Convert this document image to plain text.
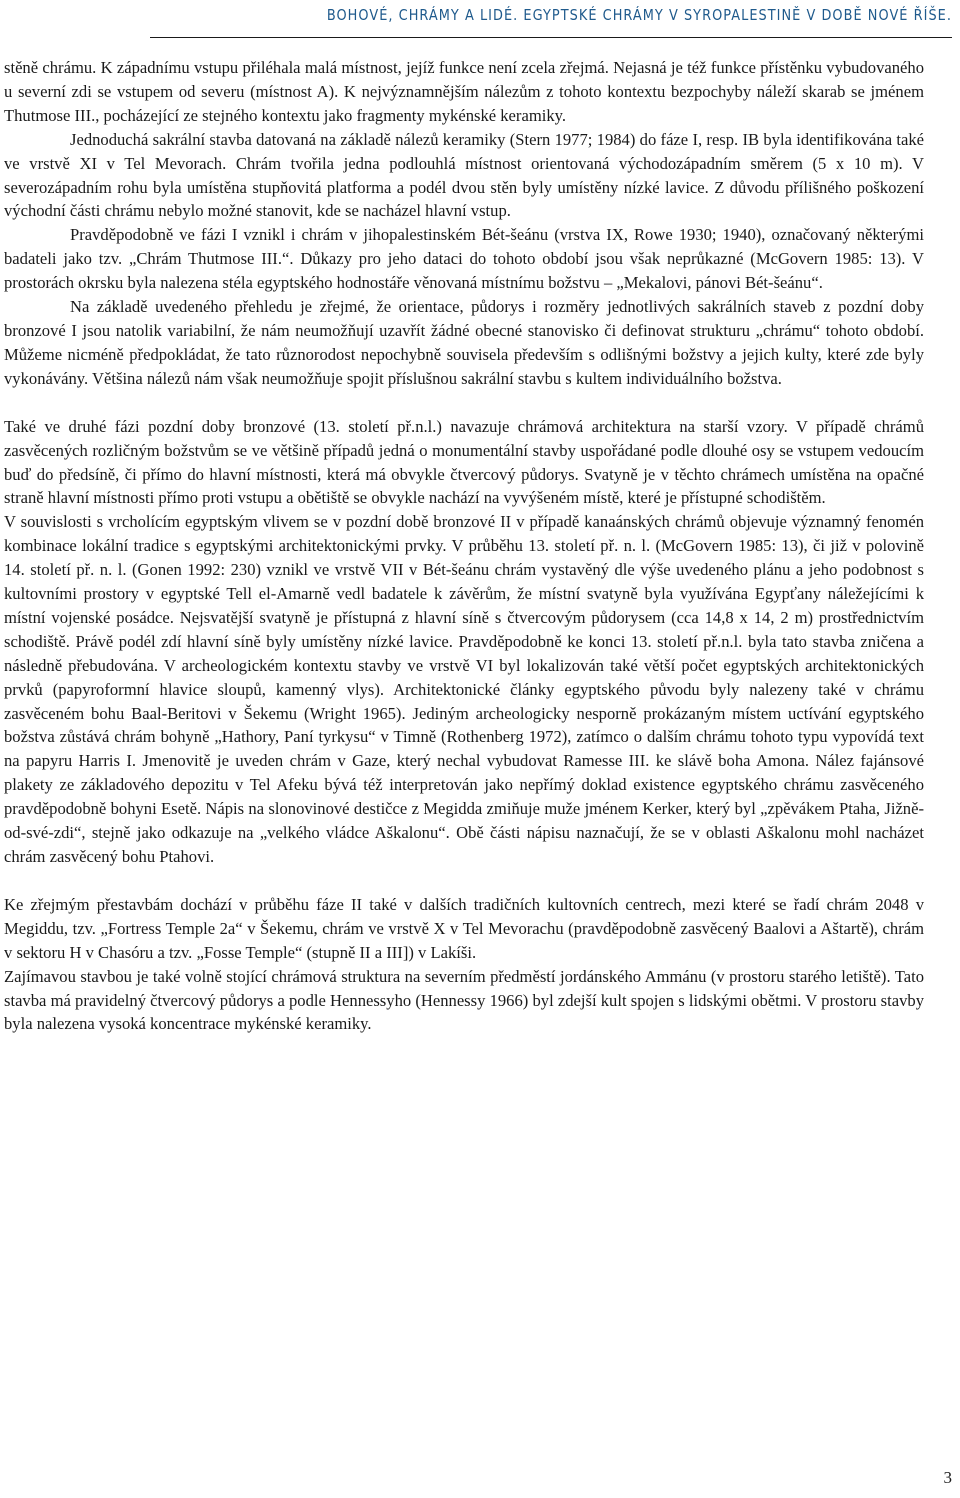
BOHOVÉ, CHRÁMY A LIDÉ. EGYPTSKÉ CHRÁMY V SYROPALESTINĚ V DOBĚ NOVÉ ŘÍŠE.

stěně chrámu. K západnímu vstupu přiléhala malá místnost, jejíž funkce není zcela zřejmá. Nejasná je též funkce přístěnku vybudovaného u severní zdi se vstupem od severu (místnost A). K nejvýznamnějším nálezům z tohoto kontextu bezpochyby náleží skarab se jménem Thutmose III., pocházející ze stejného kontextu jako fragmenty mykénské keramiky.

Jednoduchá sakrální stavba datovaná na základě nálezů keramiky (Stern 1977; 1984) do fáze I, resp. IB byla identifikována také ve vrstvě XI v Tel Mevorach. Chrám tvořila jedna podlouhlá místnost orientovaná východozápadním směrem (5 x 10 m). V severozápadním rohu byla umístěna stupňovitá platforma a podél dvou stěn byly umístěny nízké lavice. Z důvodu přílišného poškození východní části chrámu nebylo možné stanovit, kde se nacházel hlavní vstup.

Pravděpodobně ve fázi I vznikl i chrám v jihopalestinském Bét-šeánu (vrstva IX, Rowe 1930; 1940), označovaný některými badateli jako tzv. „Chrám Thutmose III.“. Důkazy pro jeho dataci do tohoto období jsou však neprůkazné (McGovern 1985: 13). V prostorách okrsku byla nalezena stéla egyptského hodnostáře věnovaná místnímu božstvu – „Mekalovi, pánovi Bét-šeánu“.

Na základě uvedeného přehledu je zřejmé, že orientace, půdorys i rozměry jednotlivých sakrálních staveb z pozdní doby bronzové I jsou natolik variabilní, že nám neumožňují uzavřít žádné obecné stanovisko či definovat strukturu „chrámu“ tohoto období. Můžeme nicméně předpokládat, že tato různorodost nepochybně souvisela především s odlišnými božstvy a jejich kulty, které zde byly vykonávány. Většina nálezů nám však neumožňuje spojit příslušnou sakrální stavbu s kultem individuálního božstva.

Také ve druhé fázi pozdní doby bronzové (13. století př.n.l.) navazuje chrámová architektura na starší vzory. V případě chrámů zasvěcených rozličným božstvům se ve většině případů jedná o monumentální stavby uspořádané podle dlouhé osy se vstupem vedoucím buď do předsíně, či přímo do hlavní místnosti, která má obvykle čtvercový půdorys. Svatyně je v těchto chrámech umístěna na opačné straně hlavní místnosti přímo proti vstupu a obětiště se obvykle nachází na vyvýšeném místě, které je přístupné schodištěm.

V souvislosti s vrcholícím egyptským vlivem se v pozdní době bronzové II v případě kanaánských chrámů objevuje významný fenomén kombinace lokální tradice s egyptskými architektonickými prvky. V průběhu 13. století př. n. l. (McGovern 1985: 13), či již v polovině 14. století př. n. l. (Gonen 1992: 230) vznikl ve vrstvě VII v Bét-šeánu chrám vystavěný dle výše uvedeného plánu a jeho podobnost s kultovními prostory v egyptské Tell el-Amarně vedl badatele k závěrům, že místní svatyně byla využívána Egypťany náležejícími k místní vojenské posádce. Nejsvatější svatyně je přístupná z hlavní síně s čtvercovým půdorysem (cca 14,8 x 14, 2 m) prostřednictvím schodiště. Právě podél zdí hlavní síně byly umístěny nízké lavice. Pravděpodobně ke konci 13. století př.n.l. byla tato stavba zničena a následně přebudována. V archeologickém kontextu stavby ve vrstvě VI byl lokalizován také větší počet egyptských architektonických prvků (papyroformní hlavice sloupů, kamenný vlys). Architektonické články egyptského původu byly nalezeny také v chrámu zasvěceném bohu Baal-Beritovi v Šekemu (Wright 1965). Jediným archeologicky nesporně prokázaným místem uctívání egyptského božstva zůstává chrám bohyně „Hathory, Paní tyrkysu“ v Timně (Rothenberg 1972), zatímco o dalším chrámu tohoto typu vypovídá text na papyru Harris I. Jmenovitě je uveden chrám v Gaze, který nechal vybudovat Ramesse III. ke slávě boha Amona. Nález fajánsové plakety ze základového depozitu v Tel Afeku bývá též interpretován jako nepřímý doklad existence egyptského chrámu zasvěceného pravděpodobně bohyni Esetě. Nápis na slonovinové destičce z Megidda zmiňuje muže jménem Kerker, který byl „zpěvákem Ptaha, Jižně-od-své-zdi“, stejně jako odkazuje na „velkého vládce Aškalonu“. Obě části nápisu naznačují, že se v oblasti Aškalonu mohl nacházet chrám zasvěcený bohu Ptahovi.

Ke zřejmým přestavbám dochází v průběhu fáze II také v dalších tradičních kultovních centrech, mezi které se řadí chrám 2048 v Megiddu, tzv. „Fortress Temple 2a“ v Šekemu, chrám ve vrstvě X v Tel Mevorachu (pravděpodobně zasvěcený Baalovi a Aštartě), chrám v sektoru H v Chasóru a tzv. „Fosse Temple“ (stupně II a III]) v Lakíši.

Zajímavou stavbou je také volně stojící chrámová struktura na severním předměstí jordánského Ammánu (v prostoru starého letiště). Tato stavba má pravidelný čtvercový půdorys a podle Hennessyho (Hennessy 1966) byl zdejší kult spojen s lidskými obětmi. V prostoru stavby byla nalezena vysoká koncentrace mykénské keramiky.

3
